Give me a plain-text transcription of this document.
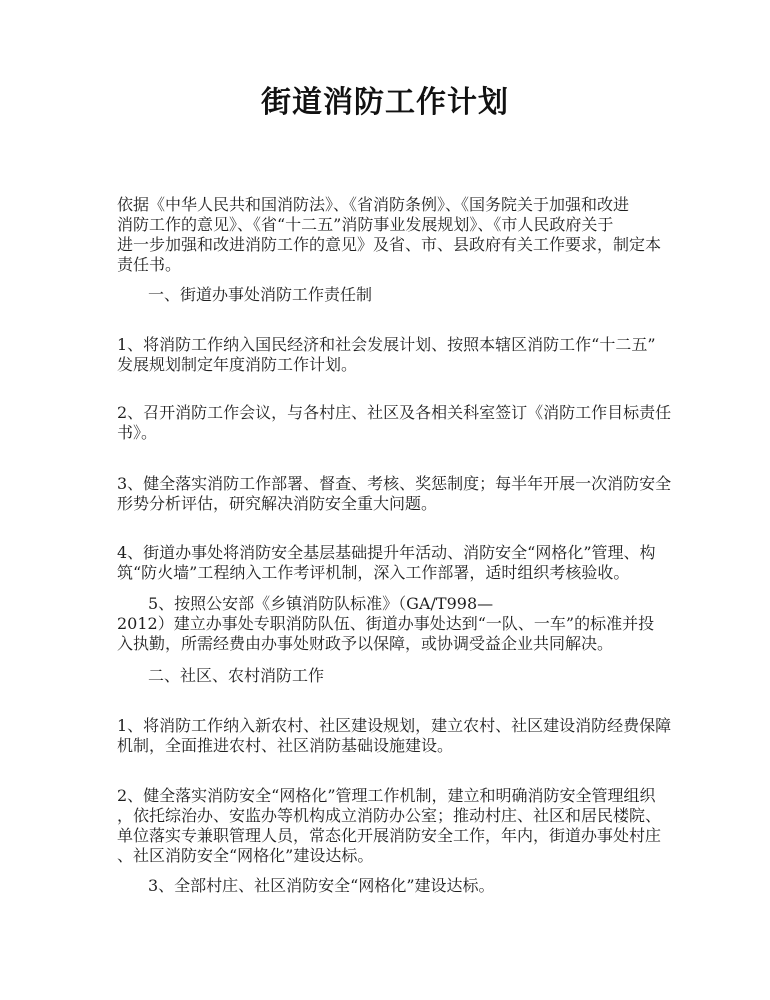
街道消防工作计划
依据《中华人民共和国消防法》、《省消防条例》、《国务院关于加强和改进
消防工作的意见》、《省“十二五”消防事业发展规划》、《市人民政府关于
进一步加强和改进消防工作的意见》及省、市、县政府有关工作要求，制定本
责任书。
一、街道办事处消防工作责任制
1、将消防工作纳入国民经济和社会发展计划、按照本辖区消防工作“十二五”
发展规划制定年度消防工作计划。
2、召开消防工作会议，与各村庄、社区及各相关科室签订《消防工作目标责任
书》。
3、健全落实消防工作部署、督查、考核、奖惩制度；每半年开展一次消防安全
形势分析评估，研究解决消防安全重大问题。
4、街道办事处将消防安全基层基础提升年活动、消防安全“网格化”管理、构
筑“防火墙”工程纳入工作考评机制，深入工作部署，适时组织考核验收。
5、按照公安部《乡镇消防队标准》（GA/T998—
2012）建立办事处专职消防队伍、街道办事处达到“一队、一车”的标准并投
入执勤，所需经费由办事处财政予以保障，或协调受益企业共同解决。
二、社区、农村消防工作
1、将消防工作纳入新农村、社区建设规划，建立农村、社区建设消防经费保障
机制，全面推进农村、社区消防基础设施建设。
2、健全落实消防安全“网格化”管理工作机制，建立和明确消防安全管理组织
，依托综治办、安监办等机构成立消防办公室；推动村庄、社区和居民楼院、
单位落实专兼职管理人员，常态化开展消防安全工作，年内，街道办事处村庄
、社区消防安全“网格化”建设达标。
3、全部村庄、社区消防安全“网格化”建设达标。
